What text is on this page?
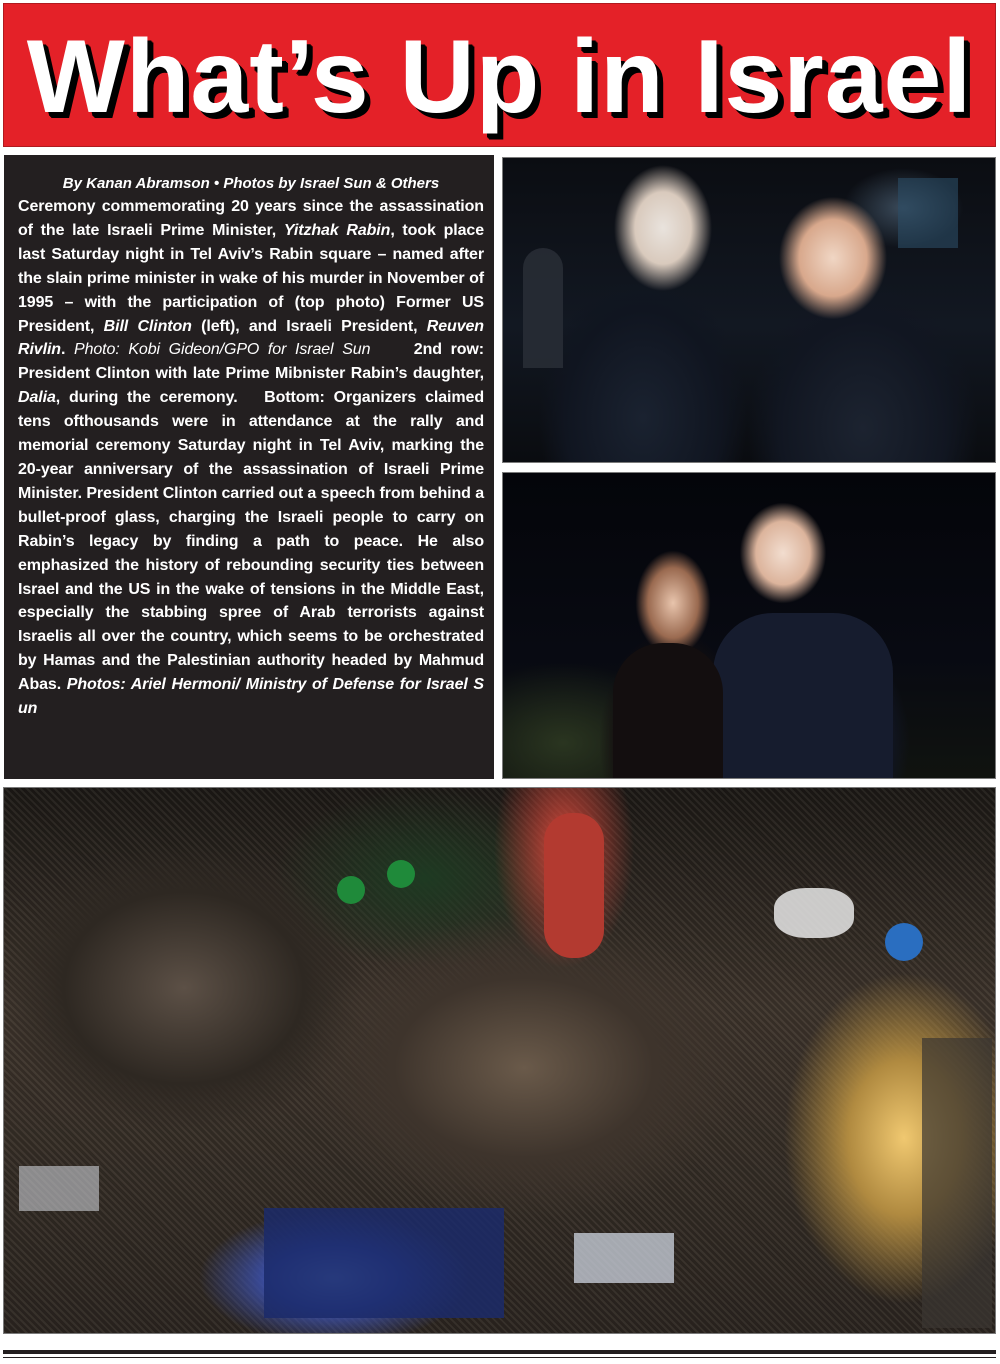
What’s Up in Israel

By Kanan Abramson • Photos by Israel Sun & Others

Ceremony commemorating 20 years since the assassination of the late Israeli Prime Minister, Yitzhak Rabin, took place last Saturday night in Tel Aviv’s Rabin square – named after the slain prime minister in wake of his murder in November of 1995 – with the participation of (top photo) Former US President, Bill Clinton (left), and Israeli President, Reuven Rivlin. Photo: Kobi Gideon/GPO for Israel Sun     2nd row: President Clinton with late Prime Mibnister Rabin’s daughter, Dalia, during the ceremony.   Bottom: Organizers claimed tens ofthousands were in attendance at the rally and memorial ceremony Saturday night in Tel Aviv, marking the 20-year anniversary of the assassination of Israeli Prime Minister. President Clinton carried out a speech from behind a bullet-proof glass, charging the Israeli people to carry on Rabin’s legacy by finding a path to peace. He also emphasized the history of rebounding security ties between Israel and the US in the wake of tensions in the Middle East, especially the stabbing spree of Arab terrorists against Israelis all over the country, which seems to be orchestrated by Hamas and the Palestinian authority headed by Mahmud Abas. Photos: Ariel Hermoni/ Ministry of Defense for Israel S un
